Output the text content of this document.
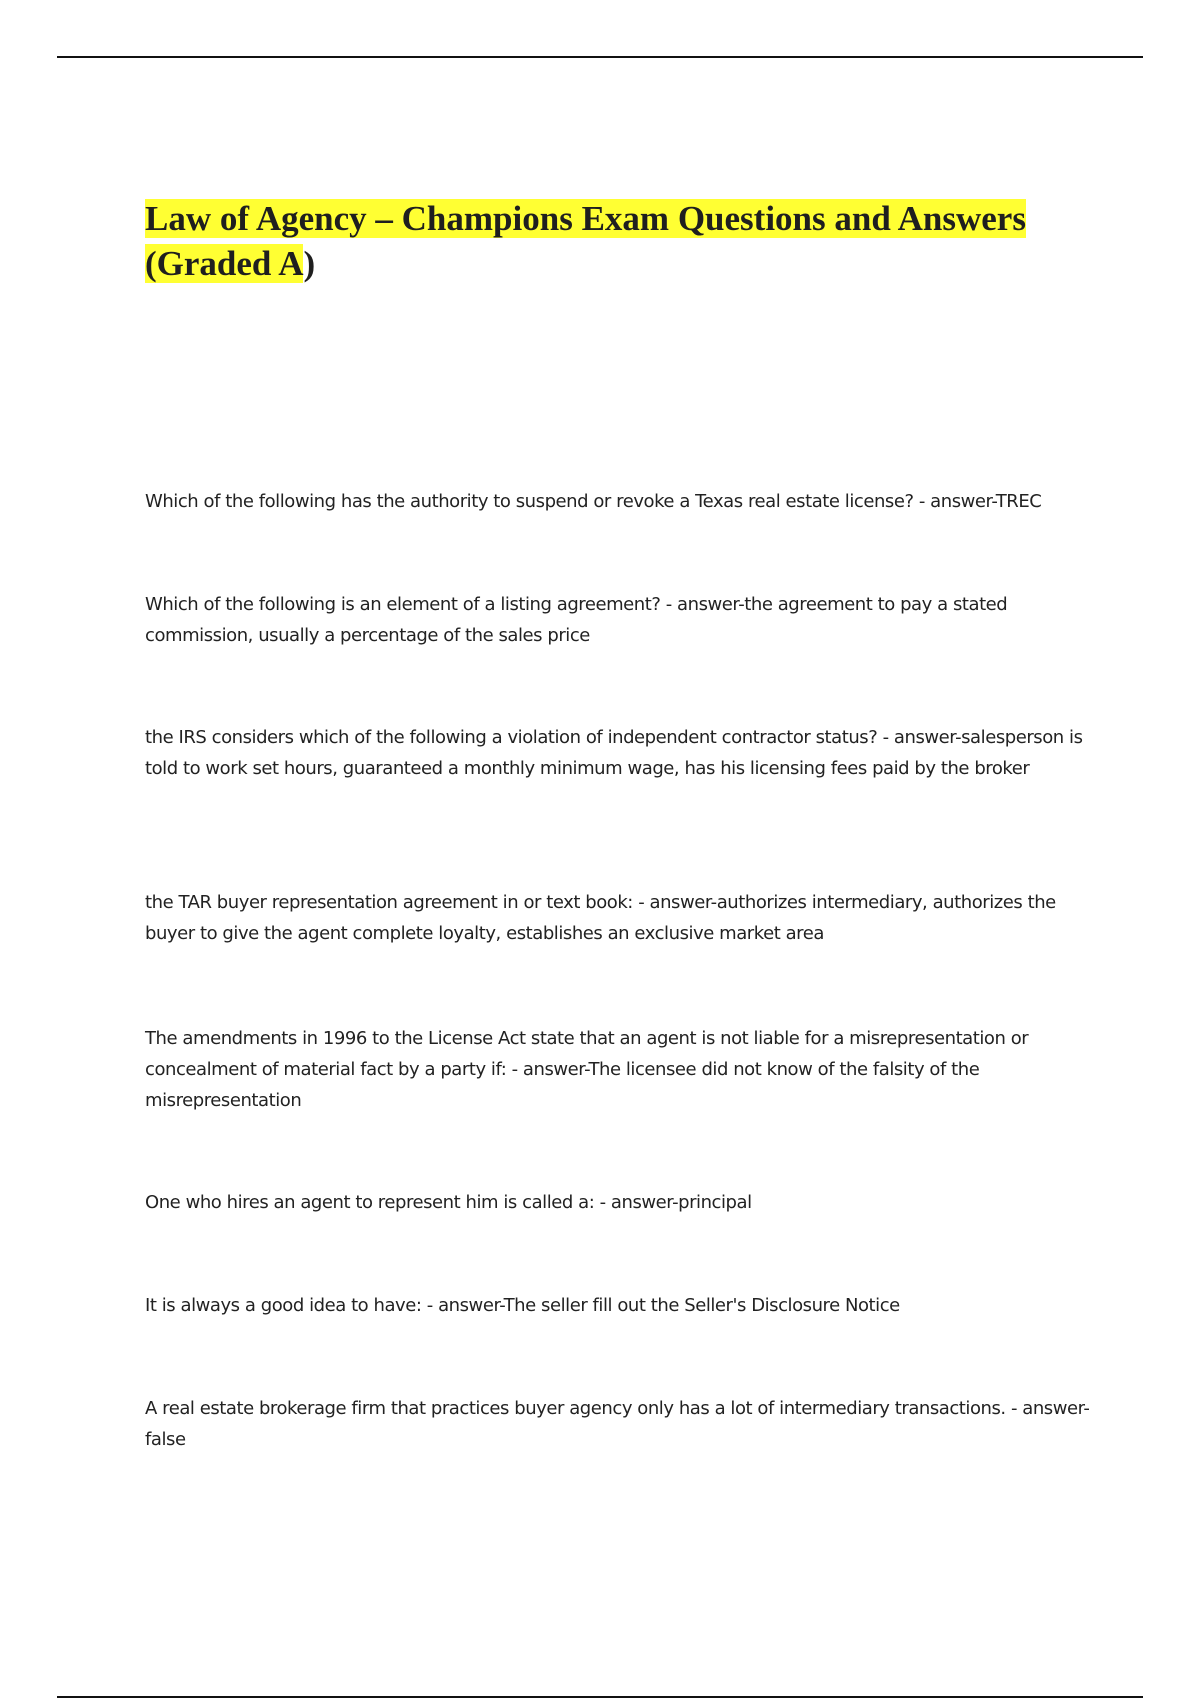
Law of Agency – Champions Exam Questions and Answers (Graded A)

Which of the following has the authority to suspend or revoke a Texas real estate license? - answer-TREC

Which of the following is an element of a listing agreement? - answer-the agreement to pay a stated commission, usually a percentage of the sales price

the IRS considers which of the following a violation of independent contractor status? - answer-salesperson is told to work set hours, guaranteed a monthly minimum wage, has his licensing fees paid by the broker

the TAR buyer representation agreement in or text book: - answer-authorizes intermediary, authorizes the buyer to give the agent complete loyalty, establishes an exclusive market area

The amendments in 1996 to the License Act state that an agent is not liable for a misrepresentation or concealment of material fact by a party if: - answer-The licensee did not know of the falsity of the misrepresentation

One who hires an agent to represent him is called a: - answer-principal

It is always a good idea to have: - answer-The seller fill out the Seller's Disclosure Notice

A real estate brokerage firm that practices buyer agency only has a lot of intermediary transactions. - answer-false
